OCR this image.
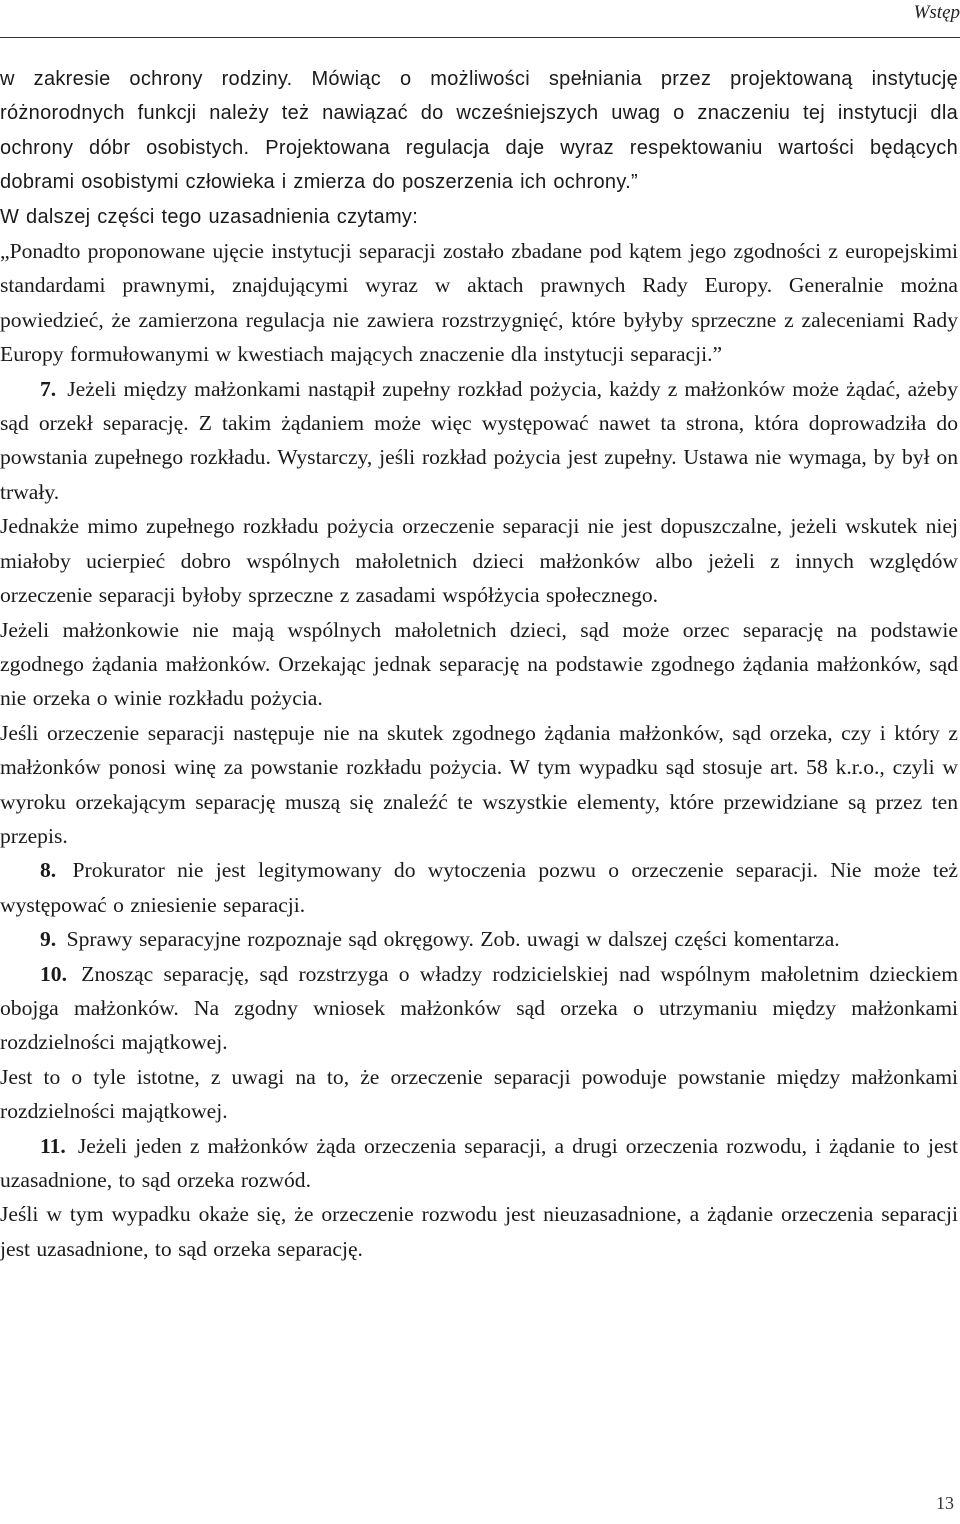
Wstęp

w zakresie ochrony rodziny. Mówiąc o możliwości spełniania przez projektowaną instytucję różnorodnych funkcji należy też nawiązać do wcześniejszych uwag o znaczeniu tej instytucji dla ochrony dóbr osobistych. Projektowana regulacja daje wyraz respektowaniu wartości będących dobrami osobistymi człowieka i zmierza do poszerzenia ich ochrony.”

W dalszej części tego uzasadnienia czytamy:

„Ponadto proponowane ujęcie instytucji separacji zostało zbadane pod kątem jego zgodności z europejskimi standardami prawnymi, znajdującymi wyraz w aktach prawnych Rady Europy. Generalnie można powiedzieć, że zamierzona regulacja nie zawiera rozstrzygnięć, które byłyby sprzeczne z zaleceniami Rady Europy formułowanymi w kwestiach mających znaczenie dla instytucji separacji.”

7. Jeżeli między małżonkami nastąpił zupełny rozkład pożycia, każdy z małżonków może żądać, ażeby sąd orzekł separację. Z takim żądaniem może więc występować nawet ta strona, która doprowadziła do powstania zupełnego rozkładu. Wystarczy, jeśli rozkład pożycia jest zupełny. Ustawa nie wymaga, by był on trwały.

Jednakże mimo zupełnego rozkładu pożycia orzeczenie separacji nie jest dopuszczalne, jeżeli wskutek niej miałoby ucierpieć dobro wspólnych małoletnich dzieci małżonków albo jeżeli z innych względów orzeczenie separacji byłoby sprzeczne z zasadami współżycia społecznego.

Jeżeli małżonkowie nie mają wspólnych małoletnich dzieci, sąd może orzec separację na podstawie zgodnego żądania małżonków. Orzekając jednak separację na podstawie zgodnego żądania małżonków, sąd nie orzeka o winie rozkładu pożycia.

Jeśli orzeczenie separacji następuje nie na skutek zgodnego żądania małżonków, sąd orzeka, czy i który z małżonków ponosi winę za powstanie rozkładu pożycia. W tym wypadku sąd stosuje art. 58 k.r.o., czyli w wyroku orzekającym separację muszą się znaleźć te wszystkie elementy, które przewidziane są przez ten przepis.

8. Prokurator nie jest legitymowany do wytoczenia pozwu o orzeczenie separacji. Nie może też występować o zniesienie separacji.

9. Sprawy separacyjne rozpoznaje sąd okręgowy. Zob. uwagi w dalszej części komentarza.

10. Znosząc separację, sąd rozstrzyga o władzy rodzicielskiej nad wspólnym małoletnim dzieckiem obojga małżonków. Na zgodny wniosek małżonków sąd orzeka o utrzymaniu między małżonkami rozdzielności majątkowej.

Jest to o tyle istotne, z uwagi na to, że orzeczenie separacji powoduje powstanie między małżonkami rozdzielności majątkowej.

11. Jeżeli jeden z małżonków żąda orzeczenia separacji, a drugi orzeczenia rozwodu, i żądanie to jest uzasadnione, to sąd orzeka rozwód.

Jeśli w tym wypadku okaże się, że orzeczenie rozwodu jest nieuzasadnione, a żądanie orzeczenia separacji jest uzasadnione, to sąd orzeka separację.

13
